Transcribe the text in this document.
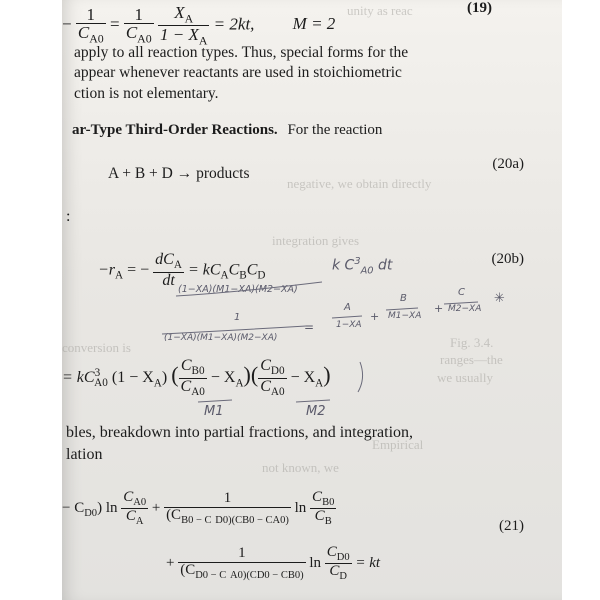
unity as reac
negative, we obtain directly
integration gives
conversion is	Fig. 3.4.
ranges—the
we usually
Empirical
not known, we
− $\frac{1}{C_{A0}} = \frac{1}{C_{A0}}$
$\frac{X_A}{1 - X_A} = 2kt$, M = 2
(19)
apply to all reaction types. Thus, special forms for the
appear whenever reactants are used in stoichiometric
ction is not elementary.
ar-Type Third-Order Reactions. For the reaction
A + B + D → products
(20a)
:
$-r_A$ = − $\frac{dC_A}{dt} = kC_AC_BC_D$
(20b)
k $C^3_{A0}$ dt
(1−XA)(M1−XA)(M2−XA)
1
(1−XA)(M1−XA)(M2−XA)
=
A
1−XA
+
B
M1−XA
+
C
M2−XA
✳
= $kC^3_{A0}$ $(1 - X_A)$ ( $\frac{C_{B0}}{C_{A0}} - X_A)( \frac{C_{D0}}{C_{A0}} - X_A)$
M1	M2
bles, breakdown into partial fractions, and integration,
lation
− $C_{D0}$) $\ln \frac{C_{A0}}{C_A} + \frac{1}{(C_{B0 - C} _{D0)(CB0 - CA0)}}$ $\ln \frac{C_{B0}}{C_B}$	(21)
+ $\frac{1}{(C_{D0 - C} _{A0)(CD0 - CB0)}}$ $\ln \frac{C_{D0}}{C_D}$ = kt
